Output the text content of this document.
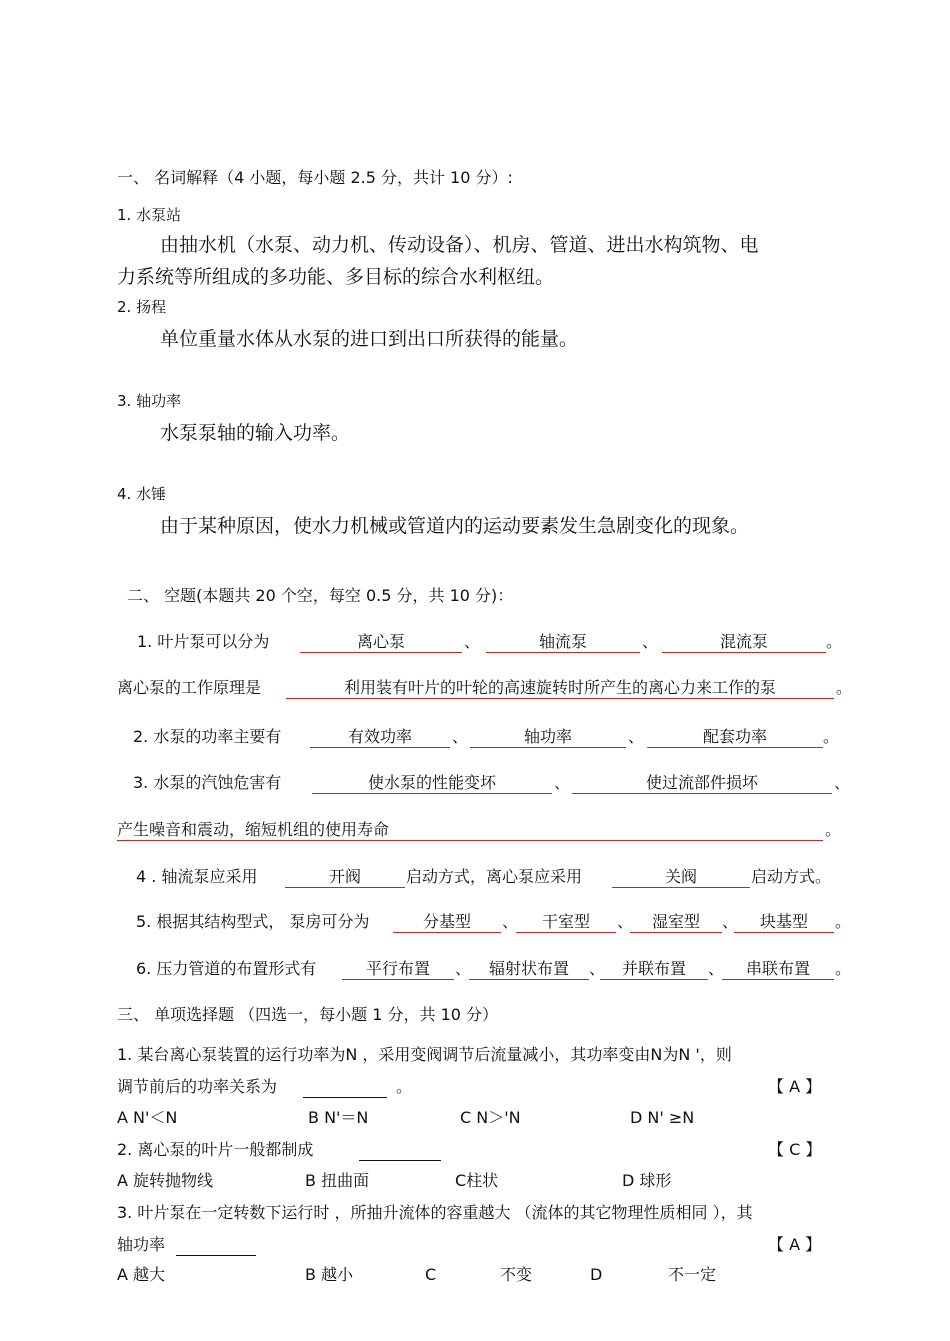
一、 名词解释（4 小题，每小题 2.5 分，共计 10 分）:
1. 水泵站
由抽水机（水泵、动力机、传动设备）、机房、管道、进出水构筑物、电
力系统等所组成的多功能、多目标的综合水利枢纽。
2. 扬程
单位重量水体从水泵的进口到出口所获得的能量。
3. 轴功率
水泵泵轴的输入功率。
4. 水锤
由于某种原因，使水力机械或管道内的运动要素发生急剧变化的现象。
二、 空题(本题共 20 个空，每空 0.5 分，共 10 分)：
1. 叶片泵可以分为	离心泵	、	轴流泵	、	混流泵	。
离心泵的工作原理是	利用装有叶片的叶轮的高速旋转时所产生的离心力来工作的泵	。
2. 水泵的功率主要有	有效功率	、	轴功率	、	配套功率	。
3. 水泵的汽蚀危害有	使水泵的性能变坏	、	使过流部件损坏	、
产生噪音和震动，缩短机组的使用寿命	。
4 . 轴流泵应采用	开阀	启动方式，离心泵应采用	关阀	启动方式。
5. 根据其结构型式， 泵房可分为	分基型	、	干室型	、	湿室型	、	块基型	。
6. 压力管道的布置形式有	平行布置	、	辐射状布置	、	并联布置	、	串联布置	。
三、 单项选择题 （四选一，每小题 1 分，共 10 分）
1. 某台离心泵装置的运行功率为N ，采用变阀调节后流量减小，其功率变由N为N '，则
调节前后的功率关系为	。	【 A 】
A N'＜N	B N'＝N	C N＞'N	D N' ≥N
2. 离心泵的叶片一般都制成	【 C 】
A 旋转抛物线	B 扭曲面	C柱状	D 球形
3. 叶片泵在一定转数下运行时 ，所抽升流体的容重越大 （流体的其它物理性质相同 ），其
轴功率	【 A 】
A 越大	B 越小	C	不变	D	不一定
